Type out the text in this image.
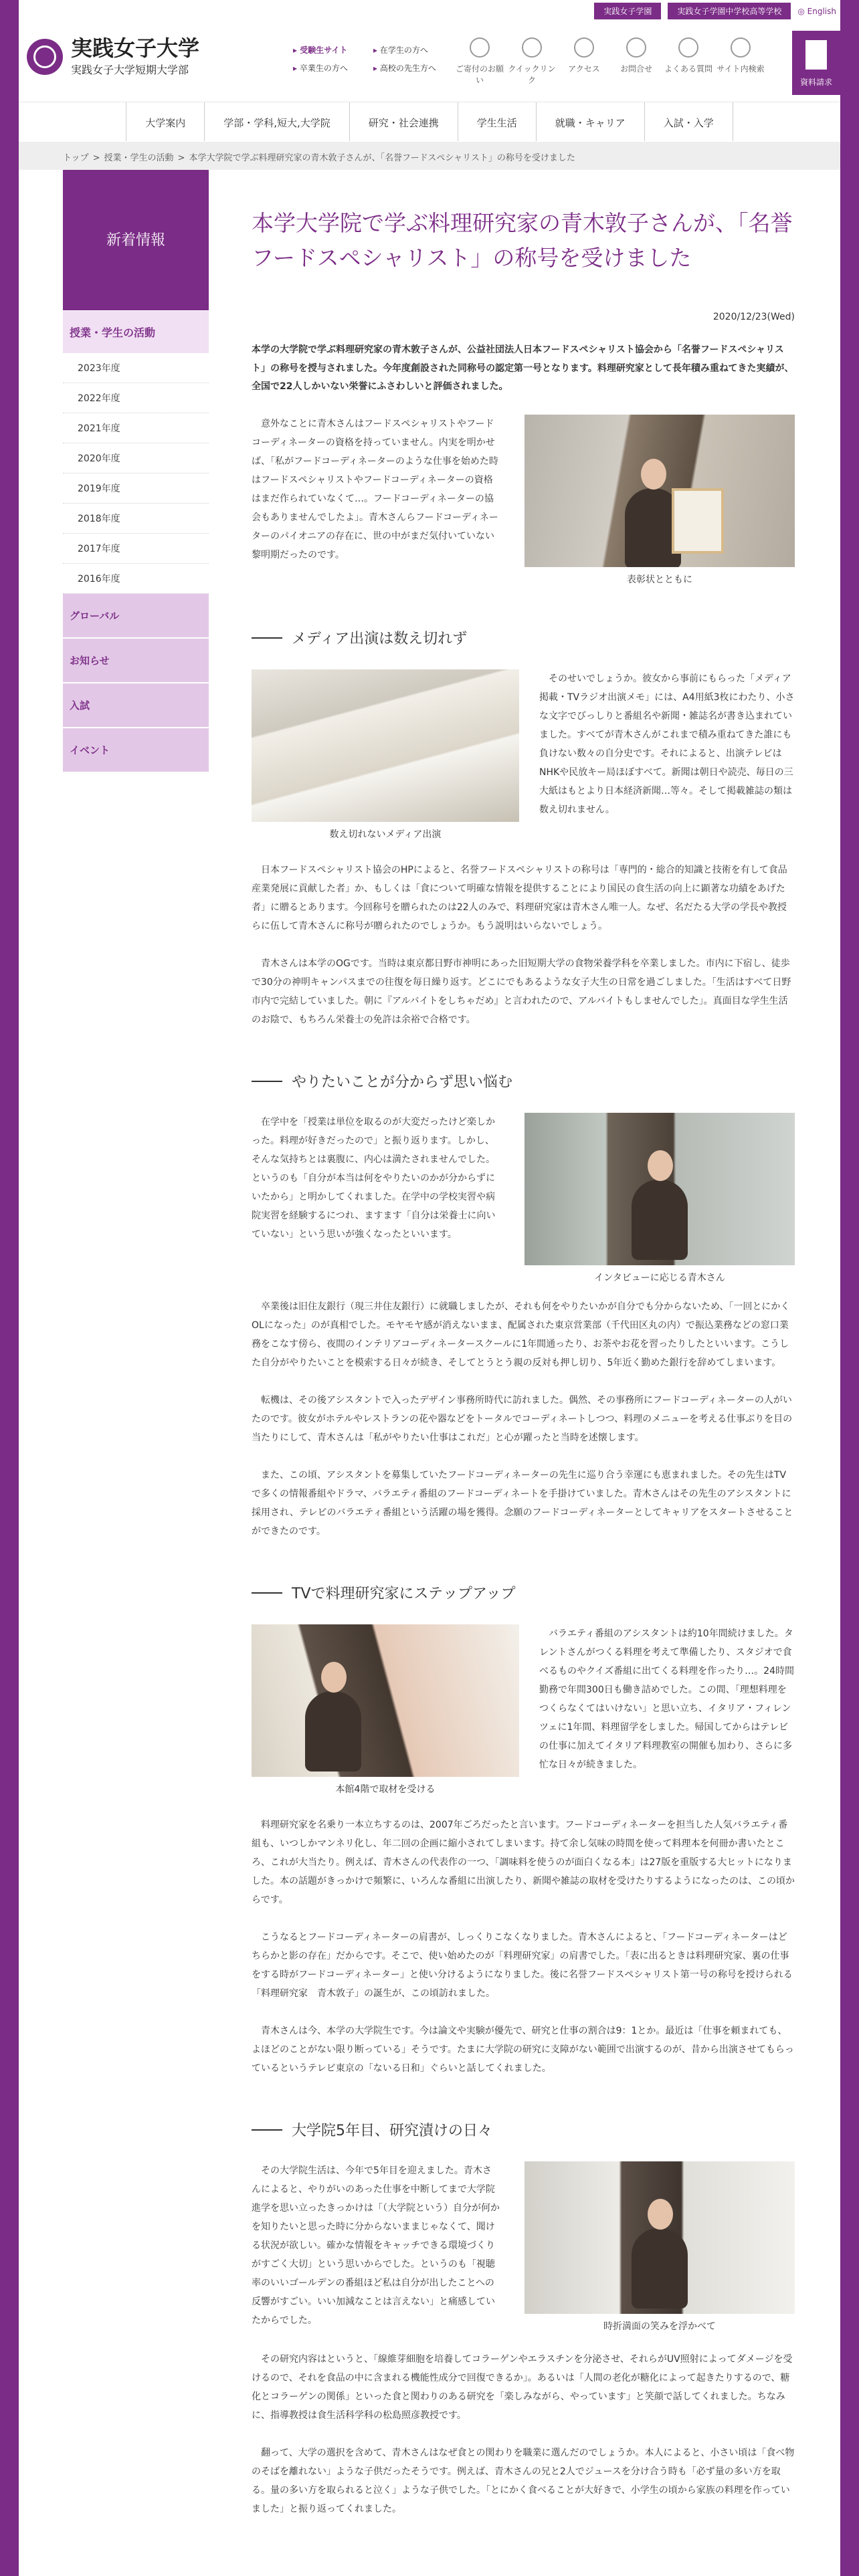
実践女子学園	実践女子学園中学校高等学校	◎ English
実践女子大学
実践女子大学短期大学部
▸ 受験生サイト	▸ 在学生の方へ
▸ 卒業生の方へ	▸ 高校の先生方へ	ご寄付のお願い
クイックリンク
アクセス	お問合せ	よくある質問 サイト内検索
資料請求
大学案内	学部・学科,短大,大学院	研究・社会連携	学生生活	就職・キャリア	入試・入学
トップ > 授業・学生の活動 > 本学大学院で学ぶ料理研究家の青木敦子さんが、「名誉フードスペシャリスト」の称号を受けました
新着情報
授業・学生の活動
2023年度
2022年度
2021年度
2020年度
2019年度
2018年度
2017年度
2016年度
グローバル
お知らせ
入試
イベント
本学大学院で学ぶ料理研究家の青木敦子さんが、「名誉フードスペシャリスト」の称号を受けました
2020/12/23(Wed)
本学の大学院で学ぶ料理研究家の青木敦子さんが、公益社団法人日本フードスペシャリスト協会から「名誉フードスペシャリスト」の称号を授与されました。今年度創設された同称号の認定第一号となります。料理研究家として長年積み重ねてきた実績が、全国で22人しかいない栄誉にふさわしいと評価されました。

意外なことに青木さんはフードスペシャリストやフードコーディネーターの資格を持っていません。内実を明かせば、「私がフードコーディネーターのような仕事を始めた時はフードスペシャリストやフードコーディネーターの資格はまだ作られていなくて…。フードコーディネーターの協会もありませんでしたよ」。青木さんらフードコーディネーターのパイオニアの存在に、世の中がまだ気付いていない黎明期だったのです。

表彰状とともに
メディア出演は数え切れず
数え切れないメディア出演

そのせいでしょうか。彼女から事前にもらった「メディア掲載・TVラジオ出演メモ」には、A4用紙3枚にわたり、小さな文字でびっしりと番組名や新聞・雑誌名が書き込まれていました。すべてが青木さんがこれまで積み重ねてきた誰にも負けない数々の自分史です。それによると、出演テレビはNHKや民放キー局ほぼすべて。新聞は朝日や読売、毎日の三大紙はもとより日本経済新聞…等々。そして掲載雑誌の類は数え切れません。

日本フードスペシャリスト協会のHPによると、名誉フードスペシャリストの称号は「専門的・総合的知識と技術を有して食品産業発展に貢献した者」か、もしくは「食について明確な情報を提供することにより国民の食生活の向上に顕著な功績をあげた者」に贈るとあります。今回称号を贈られたのは22人のみで、料理研究家は青木さん唯一人。なぜ、名だたる大学の学長や教授らに伍して青木さんに称号が贈られたのでしょうか。もう説明はいらないでしょう。

青木さんは本学のOGです。当時は東京都日野市神明にあった旧短期大学の食物栄養学科を卒業しました。市内に下宿し、徒歩で30分の神明キャンパスまでの往復を毎日繰り返す。どこにでもあるような女子大生の日常を過ごしました。「生活はすべて日野市内で完結していました。朝に『アルバイトをしちゃだめ』と言われたので、アルバイトもしませんでした」。真面目な学生生活のお陰で、もちろん栄養士の免許は余裕で合格です。

やりたいことが分からず思い悩む

在学中を「授業は単位を取るのが大変だったけど楽しかった。料理が好きだったので」と振り返ります。しかし、そんな気持ちとは裏腹に、内心は満たされませんでした。というのも「自分が本当は何をやりたいのかが分からずにいたから」と明かしてくれました。在学中の学校実習や病院実習を経験するにつれ、ますます「自分は栄養士に向いていない」という思いが強くなったといいます。

インタビューに応じる青木さん

卒業後は旧住友銀行（現三井住友銀行）に就職しましたが、それも何をやりたいかが自分でも分からないため、「一回とにかくOLになった」のが真相でした。モヤモヤ感が消えないまま、配属された東京営業部（千代田区丸の内）で振込業務などの窓口業務をこなす傍ら、夜間のインテリアコーディネータースクールに1年間通ったり、お茶やお花を習ったりしたといいます。こうした自分がやりたいことを模索する日々が続き、そしてとうとう親の反対も押し切り、5年近く勤めた銀行を辞めてしまいます。

転機は、その後アシスタントで入ったデザイン事務所時代に訪れました。偶然、その事務所にフードコーディネーターの人がいたのです。彼女がホテルやレストランの花や器などをトータルでコーディネートしつつ、料理のメニューを考える仕事ぶりを目の当たりにして、青木さんは「私がやりたい仕事はこれだ」と心が躍ったと当時を述懐します。

また、この頃、アシスタントを募集していたフードコーディネーターの先生に巡り合う幸運にも恵まれました。その先生はTVで多くの情報番組やドラマ、バラエティ番組のフードコーディネートを手掛けていました。青木さんはその先生のアシスタントに採用され、テレビのバラエティ番組という活躍の場を獲得。念願のフードコーディネーターとしてキャリアをスタートさせることができたのです。

TVで料理研究家にステップアップ
本館4階で取材を受ける

バラエティ番組のアシスタントは約10年間続けました。タレントさんがつくる料理を考えて準備したり、スタジオで食べるものやクイズ番組に出てくる料理を作ったり…。24時間勤務で年間300日も働き詰めでした。この間、「理想料理をつくらなくてはいけない」と思い立ち、イタリア・フィレンツェに1年間、料理留学をしました。帰国してからはテレビの仕事に加えてイタリア料理教室の開催も加わり、さらに多忙な日々が続きました。

料理研究家を名乗り一本立ちするのは、2007年ごろだったと言います。フードコーディネーターを担当した人気バラエティ番組も、いつしかマンネリ化し、年二回の企画に縮小されてしまいます。持て余し気味の時間を使って料理本を何冊か書いたところ、これが大当たり。例えば、青木さんの代表作の一つ、「調味料を使うのが面白くなる本」は27版を重版する大ヒットになりました。本の話題がきっかけで頻繁に、いろんな番組に出演したり、新聞や雑誌の取材を受けたりするようになったのは、この頃からです。

こうなるとフードコーディネーターの肩書が、しっくりこなくなりました。青木さんによると、「フードコーディネーターはどちらかと影の存在」だからです。そこで、使い始めたのが「料理研究家」の肩書でした。「表に出るときは料理研究家、裏の仕事をする時がフードコーディネーター」と使い分けるようになりました。後に名誉フードスペシャリスト第一号の称号を授けられる「料理研究家　青木敦子」の誕生が、この頃訪れました。

青木さんは今、本学の大学院生です。今は論文や実験が優先で、研究と仕事の割合は9：1とか。最近は「仕事を頼まれても、よほどのことがない限り断っている」そうです。たまに大学院の研究に支障がない範囲で出演するのが、昔から出演させてもらっているというテレビ東京の「ないる日和」ぐらいと話してくれました。

大学院5年目、研究漬けの日々

その大学院生活は、今年で5年目を迎えました。青木さんによると、やりがいのあった仕事を中断してまで大学院進学を思い立ったきっかけは「（大学院という）自分が何かを知りたいと思った時に分からないままじゃなくて、聞ける状況が欲しい。確かな情報をキャッチできる環境づくりがすごく大切」という思いからでした。というのも「視聴率のいいゴールデンの番組ほど私は自分が出したことへの反響がすごい。いい加減なことは言えない」と痛感していたからでした。

時折満面の笑みを浮かべて

その研究内容はというと、「線維芽細胞を培養してコラーゲンやエラスチンを分泌させ、それらがUV照射によってダメージを受けるので、それを食品の中に含まれる機能性成分で回復できるか」。あるいは「人間の老化が糖化によって起きたりするので、糖化とコラーゲンの関係」といった食と関わりのある研究を「楽しみながら、やっています」と笑顔で話してくれました。ちなみに、指導教授は食生活科学科の松島照彦教授です。

翻って、大学の選択を含めて、青木さんはなぜ食との関わりを職業に選んだのでしょうか。本人によると、小さい頃は「食べ物のそばを離れない」ような子供だったそうです。例えば、青木さんの兄と2人でジュースを分け合う時も「必ず量の多い方を取る。量の多い方を取られると泣く」ような子供でした。「とにかく食べることが大好きで、小学生の頃から家族の料理を作っていました」と振り返ってくれました。
